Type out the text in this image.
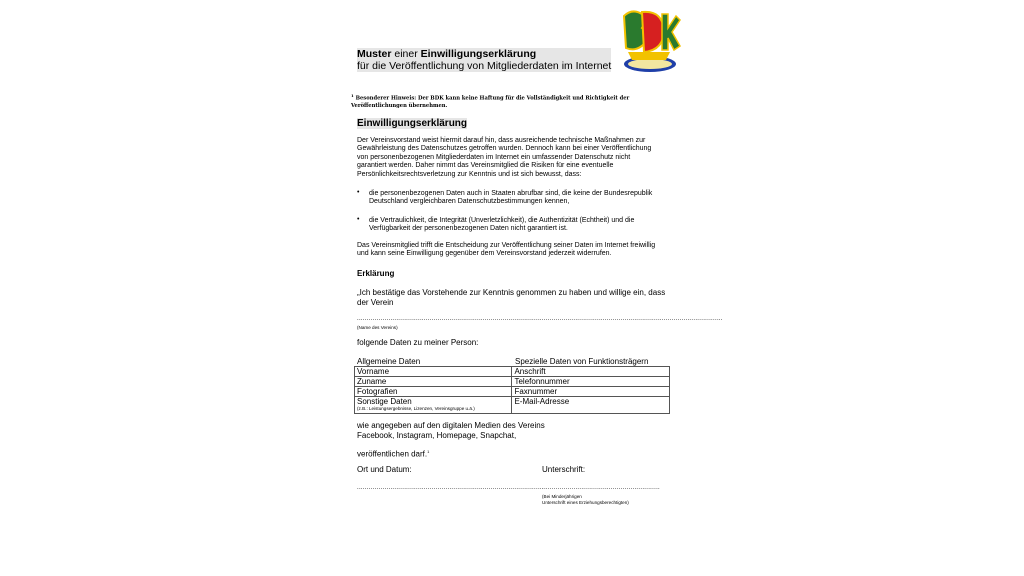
Muster einer Einwilligungserklärung
für die Veröffentlichung von Mitgliederdaten im Internet
$^1$ Besonderer Hinweis: Der BDK kann keine Haftung für die Vollständigkeit und Richtigkeit der Veröffentlichungen übernehmen.
Einwilligungserklärung
Der Vereinsvorstand weist hiermit darauf hin, dass ausreichende technische Maßnahmen zur Gewährleistung des Datenschutzes getroffen wurden. Dennoch kann bei einer Veröffentlichung von personenbezogenen Mitgliederdaten im Internet ein umfassender Datenschutz nicht garantiert werden. Daher nimmt das Vereinsmitglied die Risiken für eine eventuelle Persönlichkeitsrechtsverletzung zur Kenntnis und ist sich bewusst, dass:
• die personenbezogenen Daten auch in Staaten abrufbar sind, die keine der Bundesrepublik Deutschland vergleichbaren Datenschutzbestimmungen kennen,
• die Vertraulichkeit, die Integrität (Unverletzlichkeit), die Authentizität (Echtheit) und die Verfügbarkeit der personenbezogenen Daten nicht garantiert ist.
Das Vereinsmitglied trifft die Entscheidung zur Veröffentlichung seiner Daten im Internet freiwillig und kann seine Einwilligung gegenüber dem Vereinsvorstand jederzeit widerrufen.
Erklärung
„Ich bestätige das Vorstehende zur Kenntnis genommen zu haben und willige ein, dass der Verein
..........................................................................................................................................................................................
(Name des Vereins)
folgende Daten zu meiner Person:
Allgemeine Daten	Spezielle Daten von Funktionsträgern
Vorname	Anschrift
Zuname	Telefonnummer
Fotografien	Faxnummer

Sonstige Daten
(z.B.: Leistungsergebnisse, Lizenzen, Vereinsgruppe u.ä.)	E-Mail-Adresse
wie angegeben auf den digitalen Medien des Vereins
Facebook, Instagram, Homepage, Snapchat,
veröffentlichen darf.$^1$
Ort und Datum:	Unterschrift:
...............................................................................................
............................................................
(Bei Minderjährigen
Unterschrift eines Erziehungsberechtigten)
